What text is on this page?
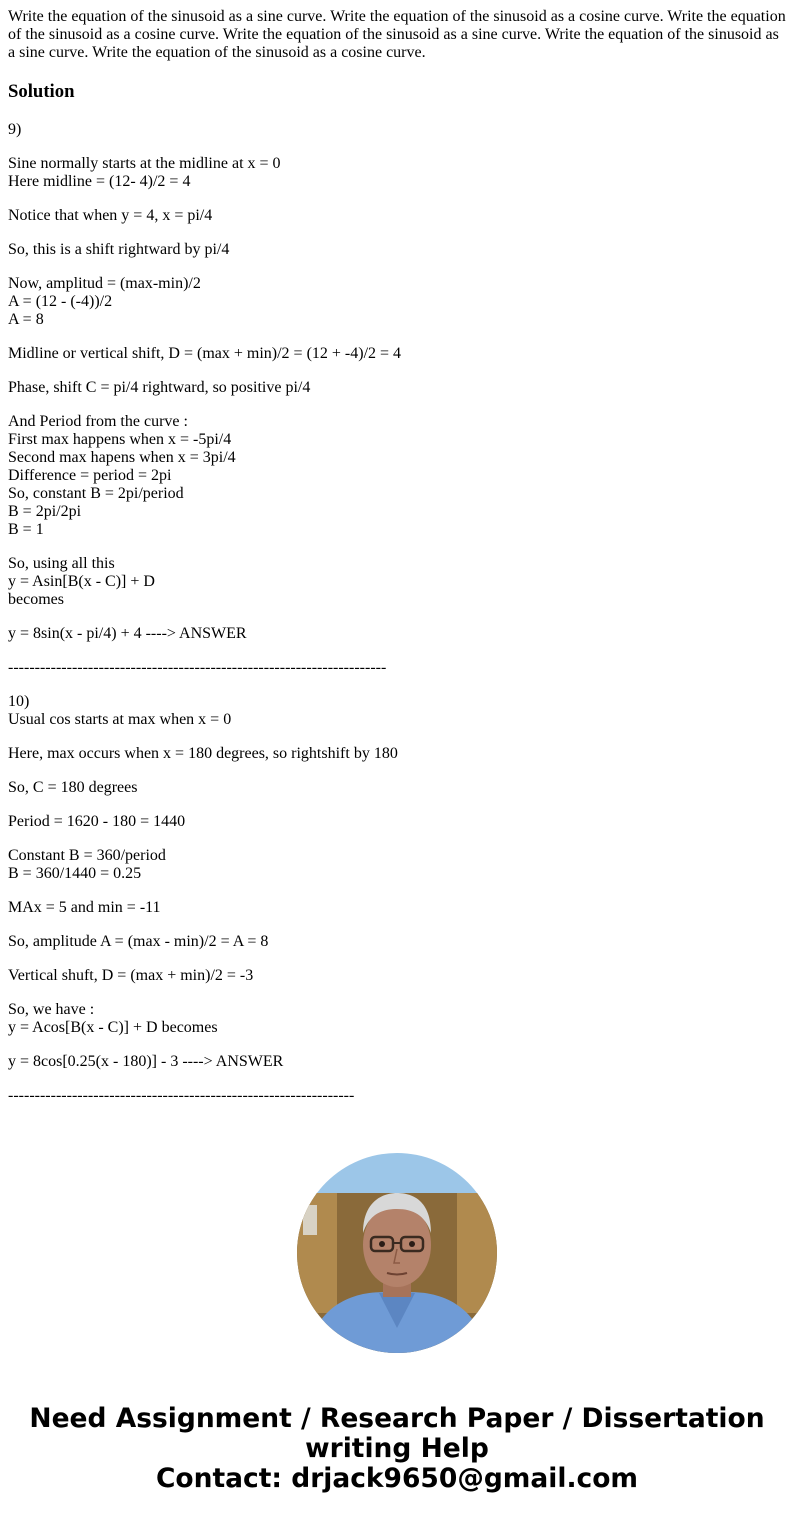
Write the equation of the sinusoid as a sine curve. Write the equation of the sinusoid as a cosine curve. Write the equation of the sinusoid as a cosine curve. Write the equation of the sinusoid as a sine curve. Write the equation of the sinusoid as a sine curve. Write the equation of the sinusoid as a cosine curve.

Solution

9)

Sine normally starts at the midline at x = 0
Here midline = (12- 4)/2 = 4

Notice that when y = 4, x = pi/4

So, this is a shift rightward by pi/4

Now, amplitud = (max-min)/2
A = (12 - (-4))/2
A = 8

Midline or vertical shift, D = (max + min)/2 = (12 + -4)/2 = 4

Phase, shift C = pi/4 rightward, so positive pi/4

And Period from the curve :
First max happens when x = -5pi/4
Second max hapens when x = 3pi/4
Difference = period = 2pi
So, constant B = 2pi/period
B = 2pi/2pi
B = 1

So, using all this
y = Asin[B(x - C)] + D
becomes

y = 8sin(x - pi/4) + 4 ----> ANSWER

-----------------------------------------------------------------------

10)
Usual cos starts at max when x = 0

Here, max occurs when x = 180 degrees, so rightshift by 180

So, C = 180 degrees

Period = 1620 - 180 = 1440

Constant B = 360/period
B = 360/1440 = 0.25

MAx = 5 and min = -11

So, amplitude A = (max - min)/2 = A = 8

Vertical shuft, D = (max + min)/2 = -3

So, we have :
y = Acos[B(x - C)] + D becomes

y = 8cos[0.25(x - 180)] - 3 ----> ANSWER

-----------------------------------------------------------------

Need Assignment / Research Paper / Dissertation
writing Help
Contact: drjack9650@gmail.com
